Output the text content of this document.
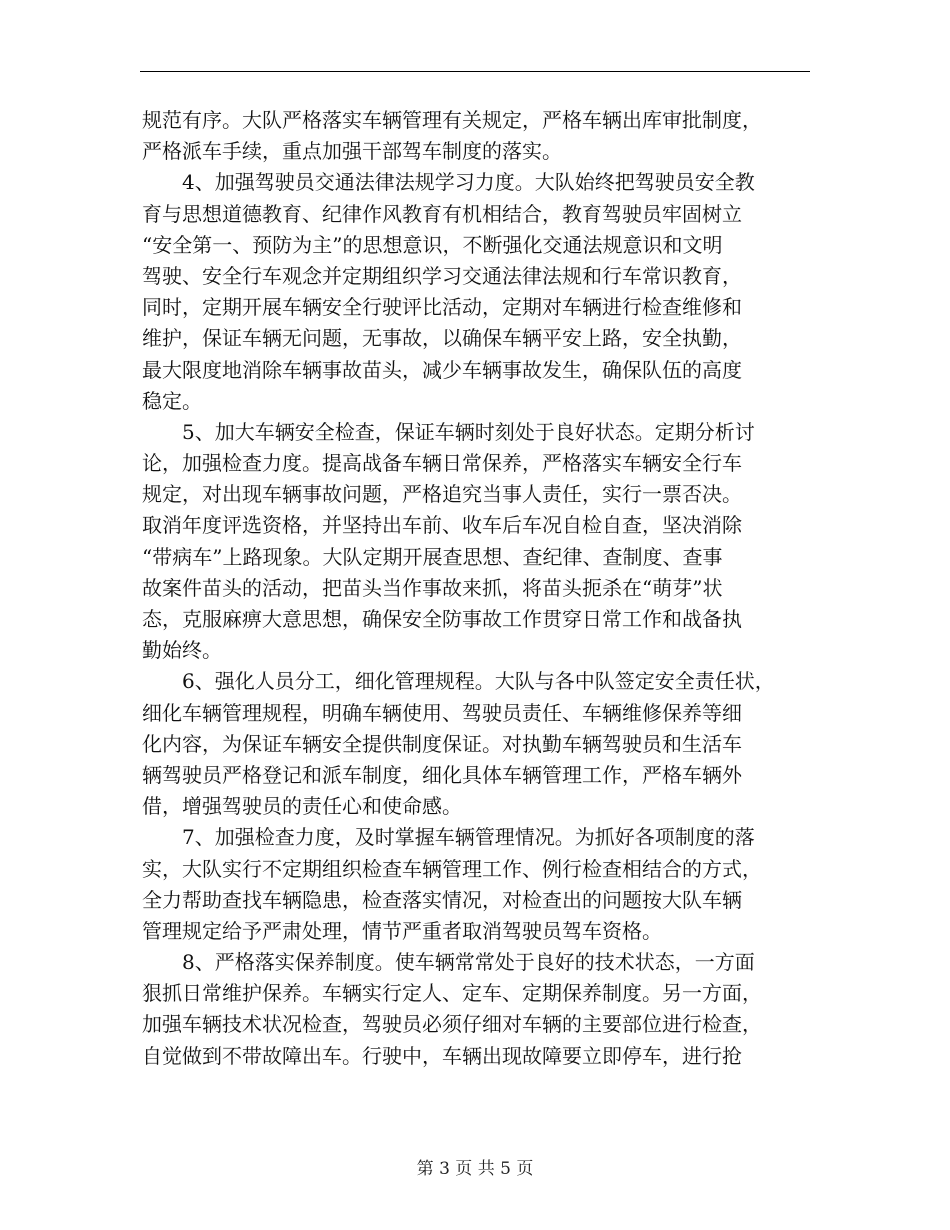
规范有序。大队严格落实车辆管理有关规定，严格车辆出库审批制度，
严格派车手续，重点加强干部驾车制度的落实。
4、加强驾驶员交通法律法规学习力度。大队始终把驾驶员安全教
育与思想道德教育、纪律作风教育有机相结合，教育驾驶员牢固树立
“安全第一、预防为主”的思想意识，不断强化交通法规意识和文明
驾驶、安全行车观念并定期组织学习交通法律法规和行车常识教育，
同时，定期开展车辆安全行驶评比活动，定期对车辆进行检查维修和
维护，保证车辆无问题，无事故，以确保车辆平安上路，安全执勤，
最大限度地消除车辆事故苗头，减少车辆事故发生，确保队伍的高度
稳定。
5、加大车辆安全检查，保证车辆时刻处于良好状态。定期分析讨
论，加强检查力度。提高战备车辆日常保养，严格落实车辆安全行车
规定，对出现车辆事故问题，严格追究当事人责任，实行一票否决。
取消年度评选资格，并坚持出车前、收车后车况自检自查，坚决消除
“带病车”上路现象。大队定期开展查思想、查纪律、查制度、查事
故案件苗头的活动，把苗头当作事故来抓，将苗头扼杀在“萌芽”状
态，克服麻痹大意思想，确保安全防事故工作贯穿日常工作和战备执
勤始终。
6、强化人员分工，细化管理规程。大队与各中队签定安全责任状，
细化车辆管理规程，明确车辆使用、驾驶员责任、车辆维修保养等细
化内容，为保证车辆安全提供制度保证。对执勤车辆驾驶员和生活车
辆驾驶员严格登记和派车制度，细化具体车辆管理工作，严格车辆外
借，增强驾驶员的责任心和使命感。
7、加强检查力度，及时掌握车辆管理情况。为抓好各项制度的落
实，大队实行不定期组织检查车辆管理工作、例行检查相结合的方式，
全力帮助查找车辆隐患，检查落实情况，对检查出的问题按大队车辆
管理规定给予严肃处理，情节严重者取消驾驶员驾车资格。
8、严格落实保养制度。使车辆常常处于良好的技术状态，一方面
狠抓日常维护保养。车辆实行定人、定车、定期保养制度。另一方面，
加强车辆技术状况检查，驾驶员必须仔细对车辆的主要部位进行检查，
自觉做到不带故障出车。行驶中，车辆出现故障要立即停车，进行抢
第 3 页 共 5 页
